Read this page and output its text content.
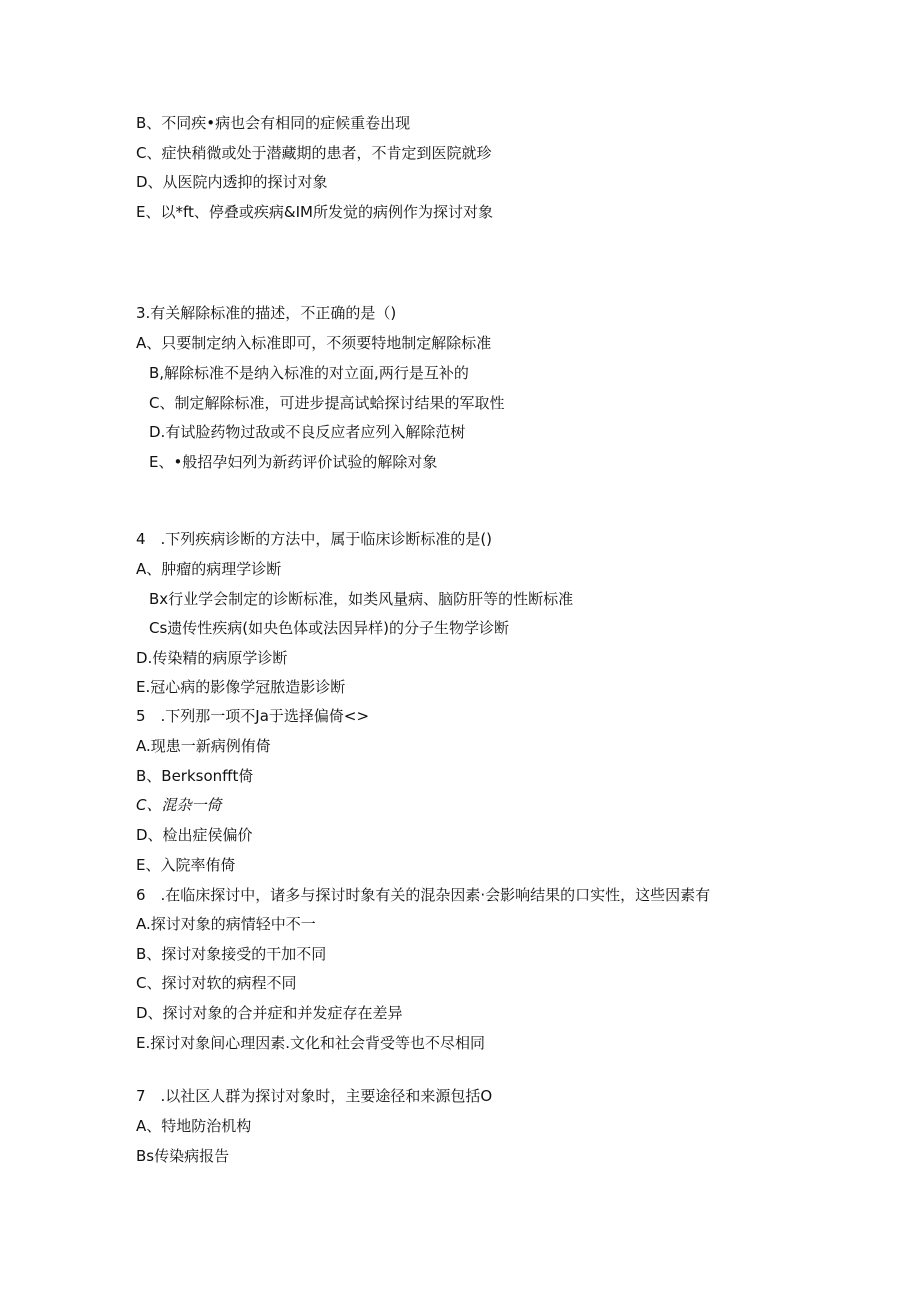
B、不同疾•病也会有相同的症候重卷出现
C、症快稍微或处于潜藏期的患者，不肯定到医院就珍
D、从医院内透抑的探讨对象
E、以*ft、停叠或疾病&IM所发觉的病例作为探讨对象
3.有关解除标准的描述，不正确的是（)
A、只要制定纳入标准即可，不须要特地制定解除标准
B,解除标准不是纳入标准的对立面,两行是互补的
C、制定解除标准，可进步提高试蛤探讨结果的军取性
D.有试脸药物过敌或不良反应者应列入解除范树
E、•般招孕妇列为新药评价试验的解除对象
4　.下列疾病诊断的方法中，属于临床诊断标准的是()
A、肿瘤的病理学诊断
Bx行业学会制定的诊断标准，如类风量病、脑防肝等的性断标准
Cs遗传性疾病(如央色体或法因异样)的分子生物学诊断
D.传染精的病原学诊断
E.冠心病的影像学冠脓造影诊断
5　.下列那一项不Ja于选择偏倚<>
A.现患一新病例侑倚
B、Berksonfft倚
C、混杂一倚
D、检出症侯偏价
E、入院率侑倚
6　.在临床探讨中，诸多与探讨时象有关的混杂因素·会影响结果的口实性，这些因素有
A.探讨对象的病情轻中不一
B、探讨对象接受的干加不同
C、探讨对软的病程不同
D、探讨对象的合并症和并发症存在差异
E.探讨对象间心理因素.文化和社会背受等也不尽相同
7　.以社区人群为探讨对象时，主要途径和来源包括O
A、特地防治机构
Bs传染病报告
